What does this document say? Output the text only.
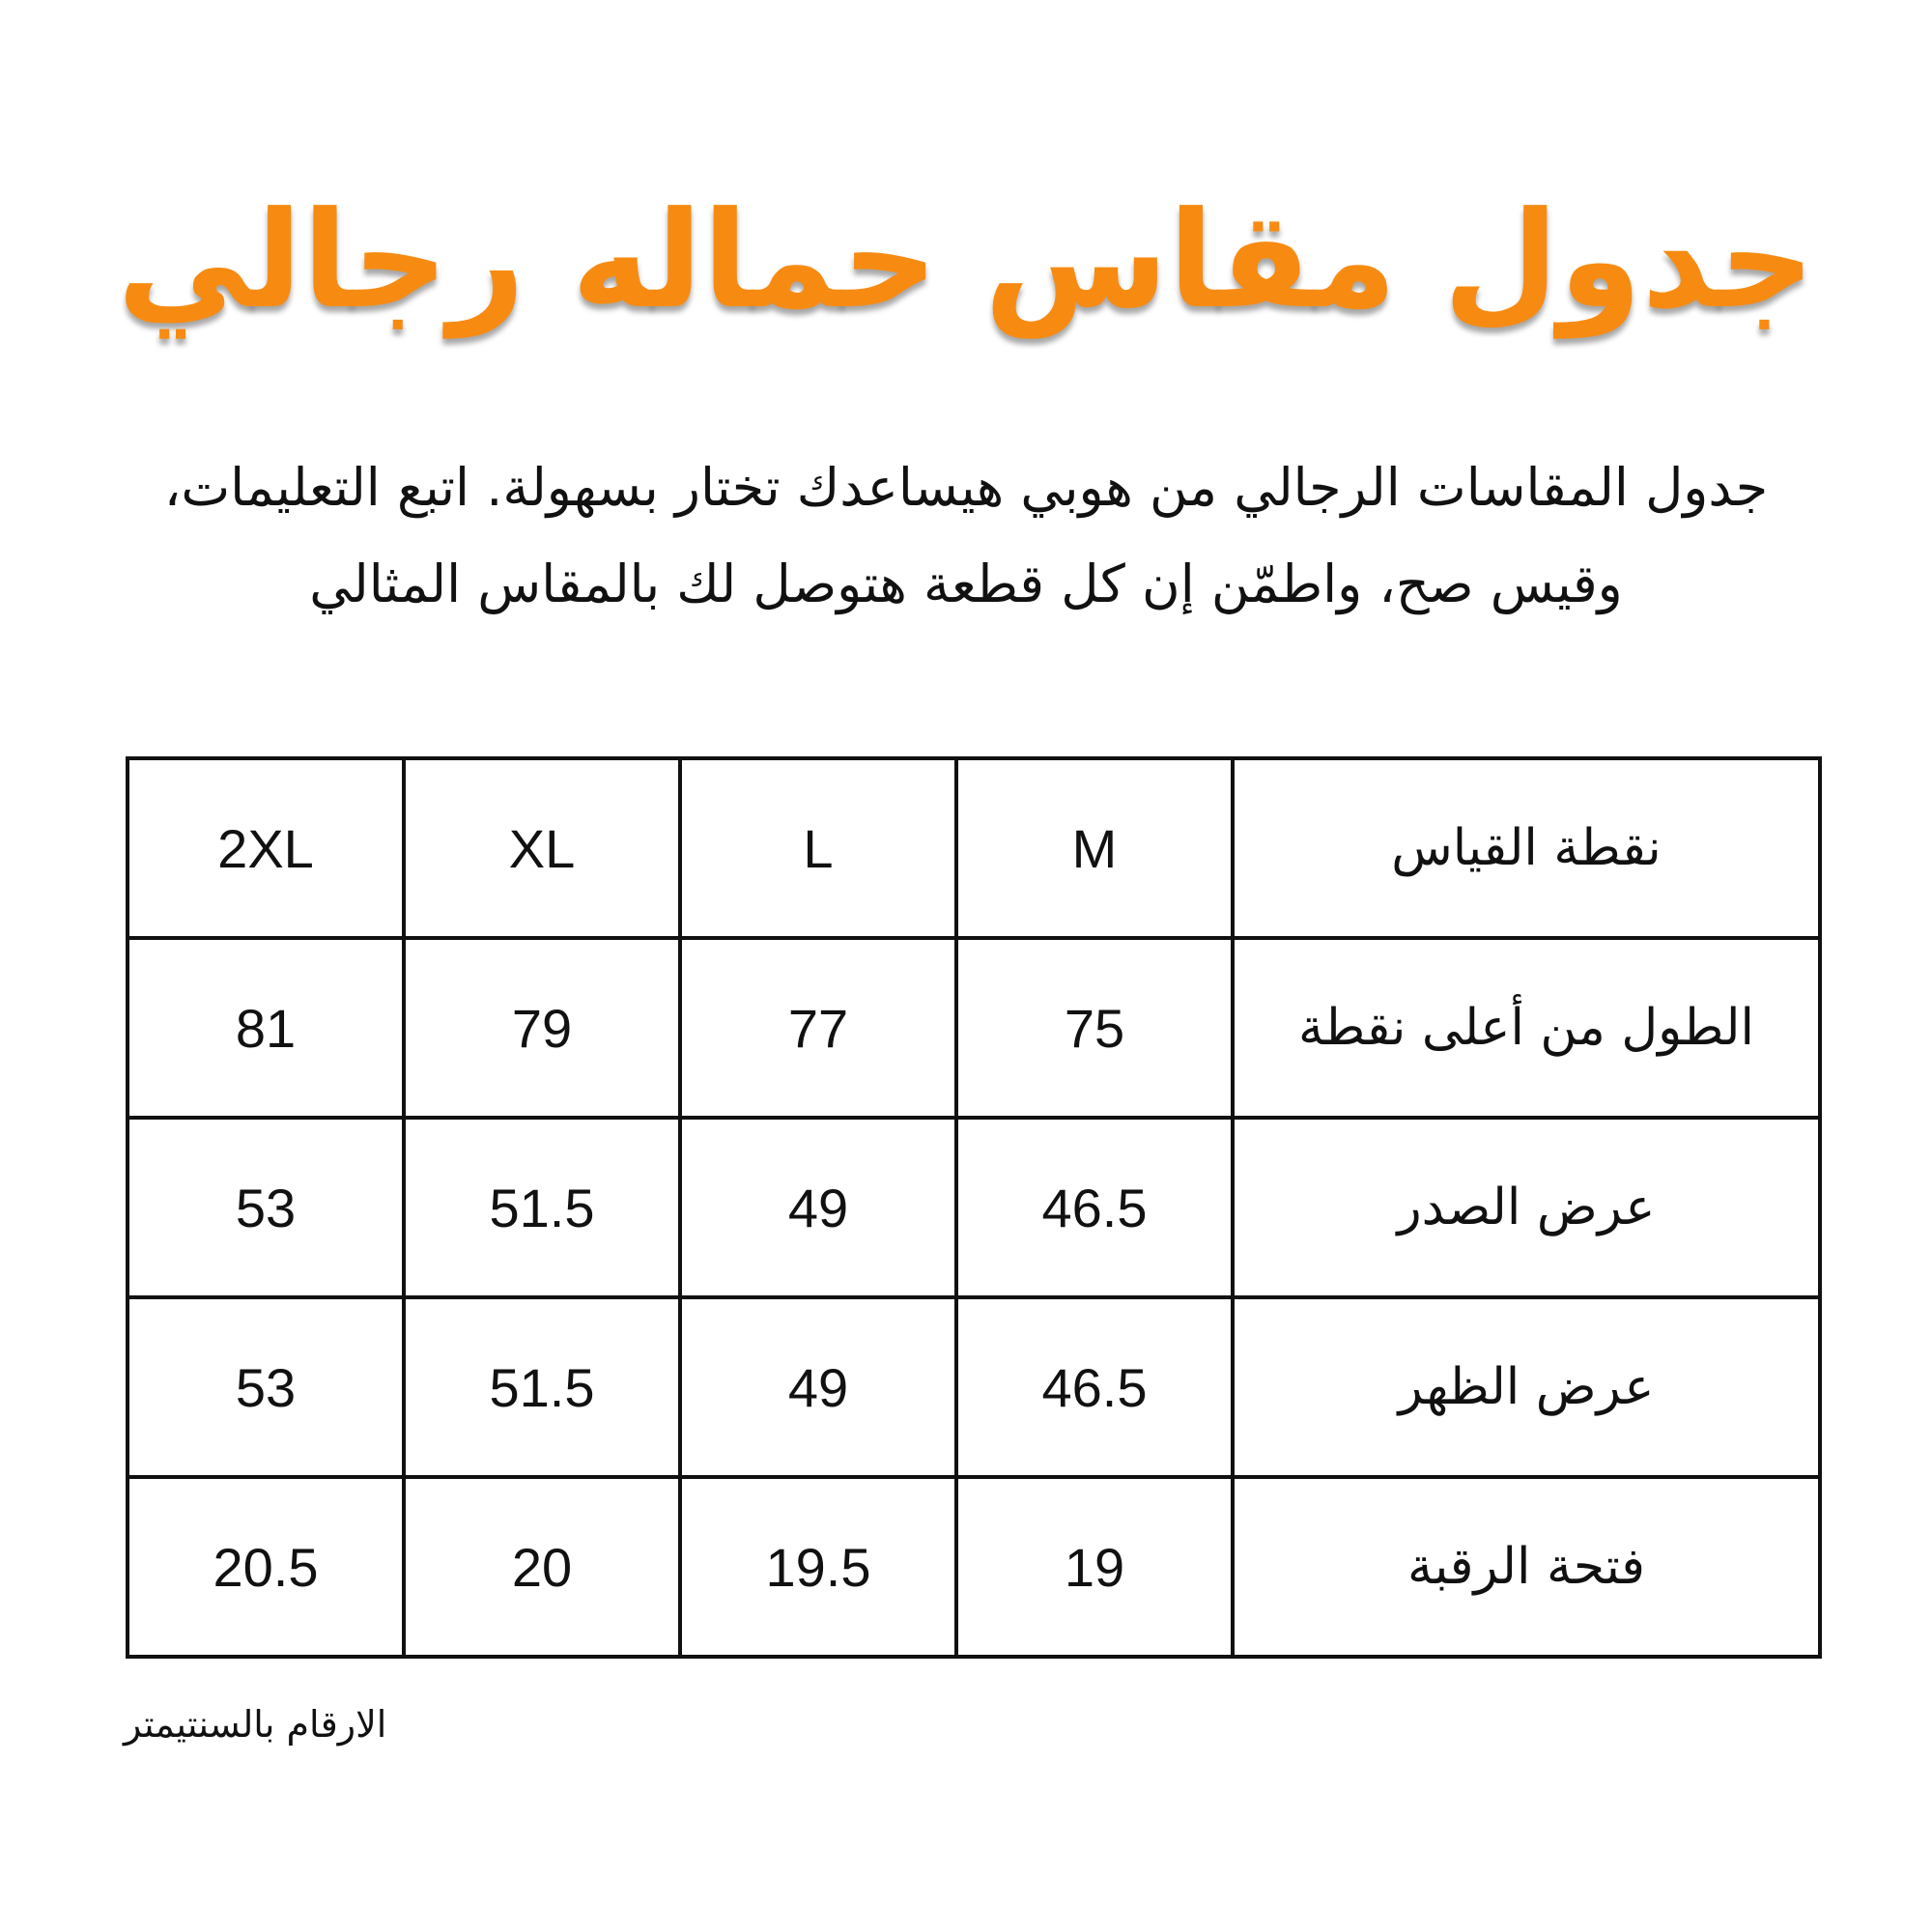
جدول مقاس حماله رجالي
جدول المقاسات الرجالي من هوبي هيساعدك تختار بسهولة. اتبع التعليمات،
وقيس صح، واطمّن إن كل قطعة هتوصل لك بالمقاس المثالي
نقطة القياس	M	L	XL	2XL
الطول من أعلى نقطة	75	77	79	81
عرض الصدر	46.5	49	51.5	53
عرض الظهر	46.5	49	51.5	53
فتحة الرقبة	19	19.5	20	20.5
الارقام بالسنتيمتر
